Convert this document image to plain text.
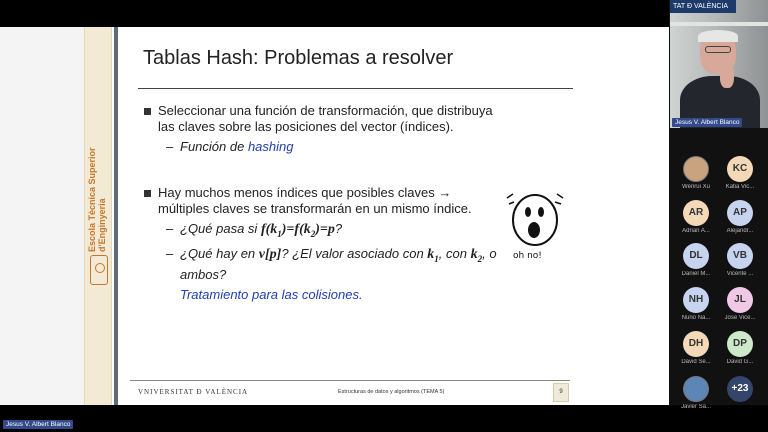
Escola Tècnica Superior
d'Enginyeria
Tablas Hash: Problemas a resolver
Seleccionar una función de transformación, que distribuya las claves sobre las posiciones del vector (índices).
– Función de hashing
Hay muchos menos índices que posibles claves → múltiples claves se transformarán en un mismo índice.
– ¿Qué pasa si $f(k_1)=f(k_2)=p$?
– ¿Qué hay en v[p]? ¿El valor asociado con $k_1$, con $k_2$, o ambos?
Tratamiento para las colisiones.
oh no!
VNIVERSITAT Ð VALÈNCIA	Estructuras de datos y algoritmos (TEMA 5)	9
TAT Ð VALÈNCIA
Jesus V. Albert Blanco
Wenrui Xu
KC
Katia Vic...
AR
Adrian A...
AP
Alejandr...
DL
Daniel M...
VB
Vicente ...
NH
Nuño Na...
JL
Jose Vice...
DH
David Se...
DP
David G...
Javier Sa...
+23
Jesus V. Albert Blanco
